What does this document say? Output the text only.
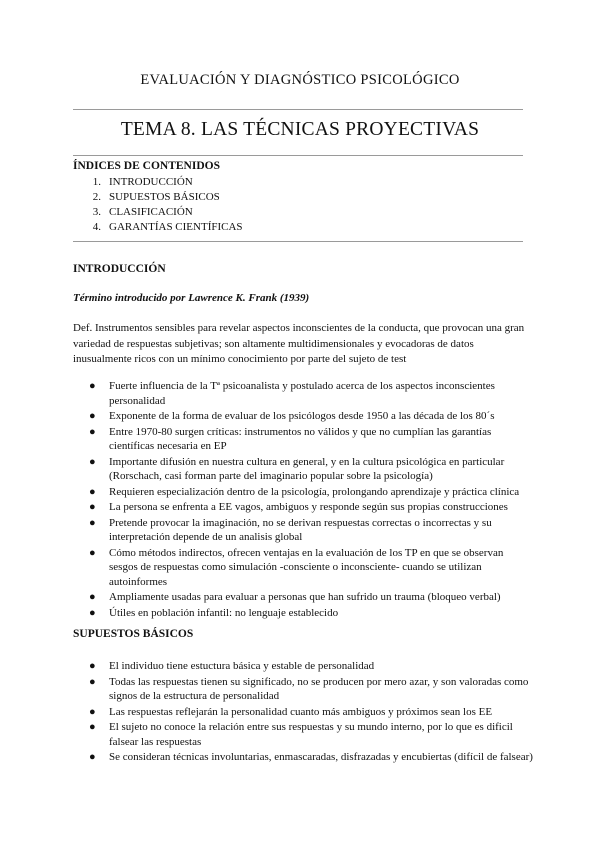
EVALUACIÓN Y DIAGNÓSTICO PSICOLÓGICO
TEMA 8. LAS TÉCNICAS PROYECTIVAS
ÍNDICES DE CONTENIDOS
1. INTRODUCCIÓN
2. SUPUESTOS BÁSICOS
3. CLASIFICACIÓN
4. GARANTÍAS CIENTÍFICAS
INTRODUCCIÓN
Término introducido por Lawrence K. Frank (1939)
Def. Instrumentos sensibles para revelar aspectos inconscientes de la conducta, que provocan una gran variedad de respuestas subjetivas; son altamente multidimensionales y evocadoras de datos inusualmente ricos con un mínimo conocimiento por parte del sujeto de test
● Fuerte influencia de la Tª psicoanalista y postulado acerca de los aspectos inconscientes personalidad
● Exponente de la forma de evaluar de los psicólogos desde 1950 a las década de los 80´s
● Entre 1970-80 surgen críticas: instrumentos no válidos y que no cumplían las garantías científicas necesaria en EP
● Importante difusión en nuestra cultura en general, y en la cultura psicológica en particular (Rorschach, casi forman parte del imaginario popular sobre la psicología)
● Requieren especialización dentro de la psicología, prolongando aprendizaje y práctica clínica
● La persona se enfrenta a EE vagos, ambiguos y responde según sus propias construcciones
● Pretende provocar la imaginación, no se derivan respuestas correctas o incorrectas y su interpretación depende de un analisis global
● Cómo métodos indirectos, ofrecen ventajas en la evaluación de los TP en que se observan sesgos de respuestas como simulación -consciente o inconsciente- cuando se utilizan autoinformes
● Ampliamente usadas para evaluar a personas que han sufrido un trauma (bloqueo verbal)
● Útiles en población infantil: no lenguaje establecido
SUPUESTOS BÁSICOS
● El individuo tiene estuctura básica y estable de personalidad
● Todas las respuestas tienen su significado, no se producen por mero azar, y son valoradas como signos de la estructura de personalidad
● Las respuestas reflejarán la personalidad cuanto más ambiguos y próximos sean los EE
● El sujeto no conoce la relación entre sus respuestas y su mundo interno, por lo que es dificil falsear las respuestas
● Se consideran técnicas involuntarias, enmascaradas, disfrazadas y encubiertas (difícil de falsear)
